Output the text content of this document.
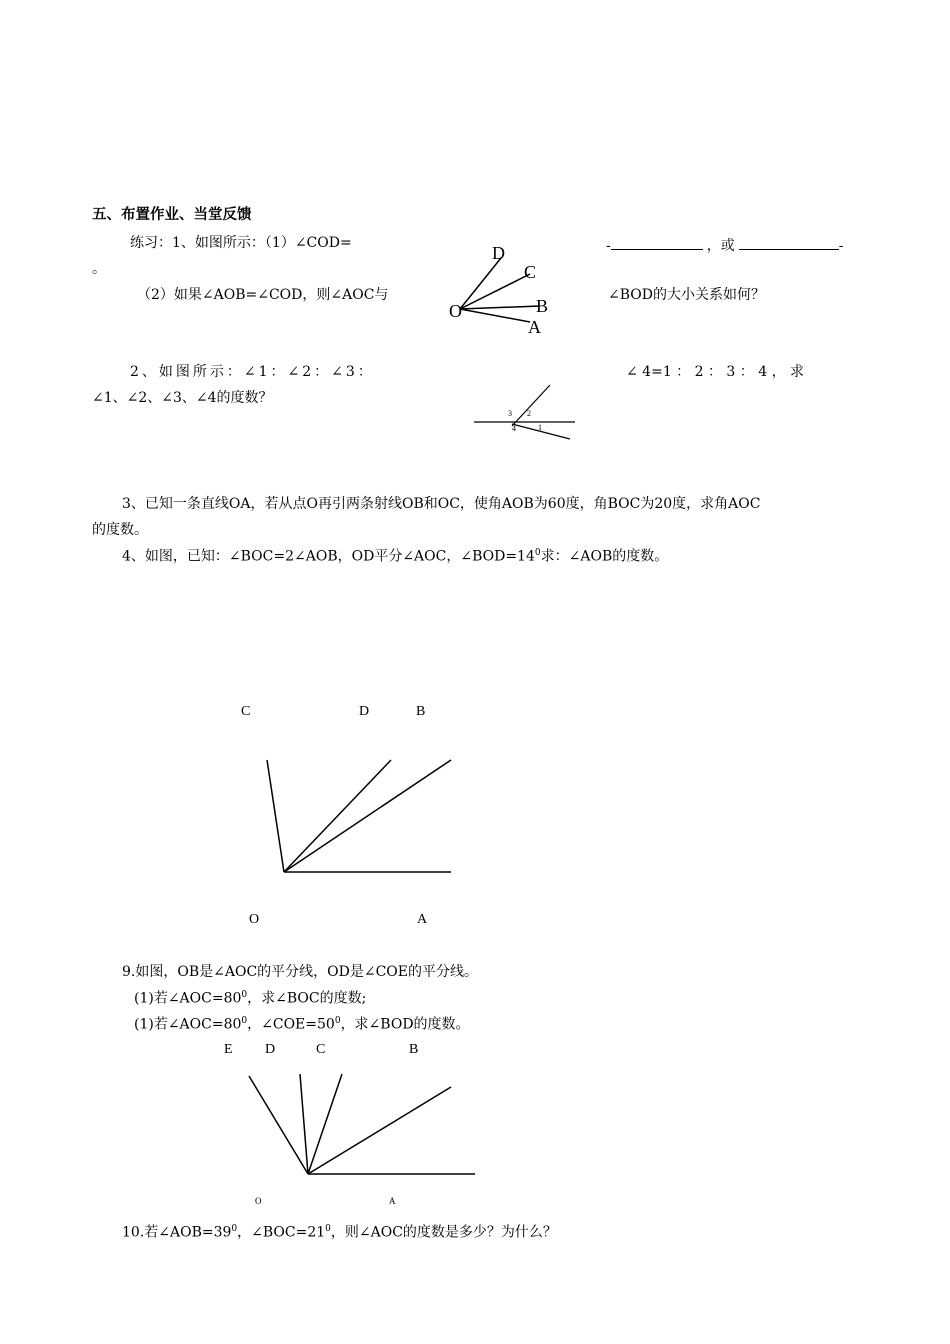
五、布置作业、当堂反馈
练习：1、如图所示：（1）∠COD=	-	，或	-
。
（2）如果∠AOB=∠COD，则∠AOC与	∠BOD的大小关系如何？
D
C
B
A
O
2、如图所示：∠1：∠2：∠3：	∠ 4=1 ： 2 ： 3 ： 4 ， 求
∠1、∠2、∠3、∠4的度数？
3 2
1
4
3、已知一条直线OA，若从点O再引两条射线OB和OC，使角AOB为60度，角BOC为20度，求角AOC
的度数。
4、如图，已知：∠BOC=2∠AOB，OD平分∠AOC，$\angle BOD=14^0$求：∠AOB的度数。
C	D	B
O	A
9.如图，OB是∠AOC的平分线，OD是∠COE的平分线。
(1)若$\angle AOC=80^0$，求∠BOC的度数;
(1)若$\angle AOC=80^0$，$\angle COE=50^0$，求∠BOD的度数。
E D	C	B
O	A
10.若$\angle AOB=39^0$，$\angle BOC=21^0$，则∠AOC的度数是多少？为什么？
